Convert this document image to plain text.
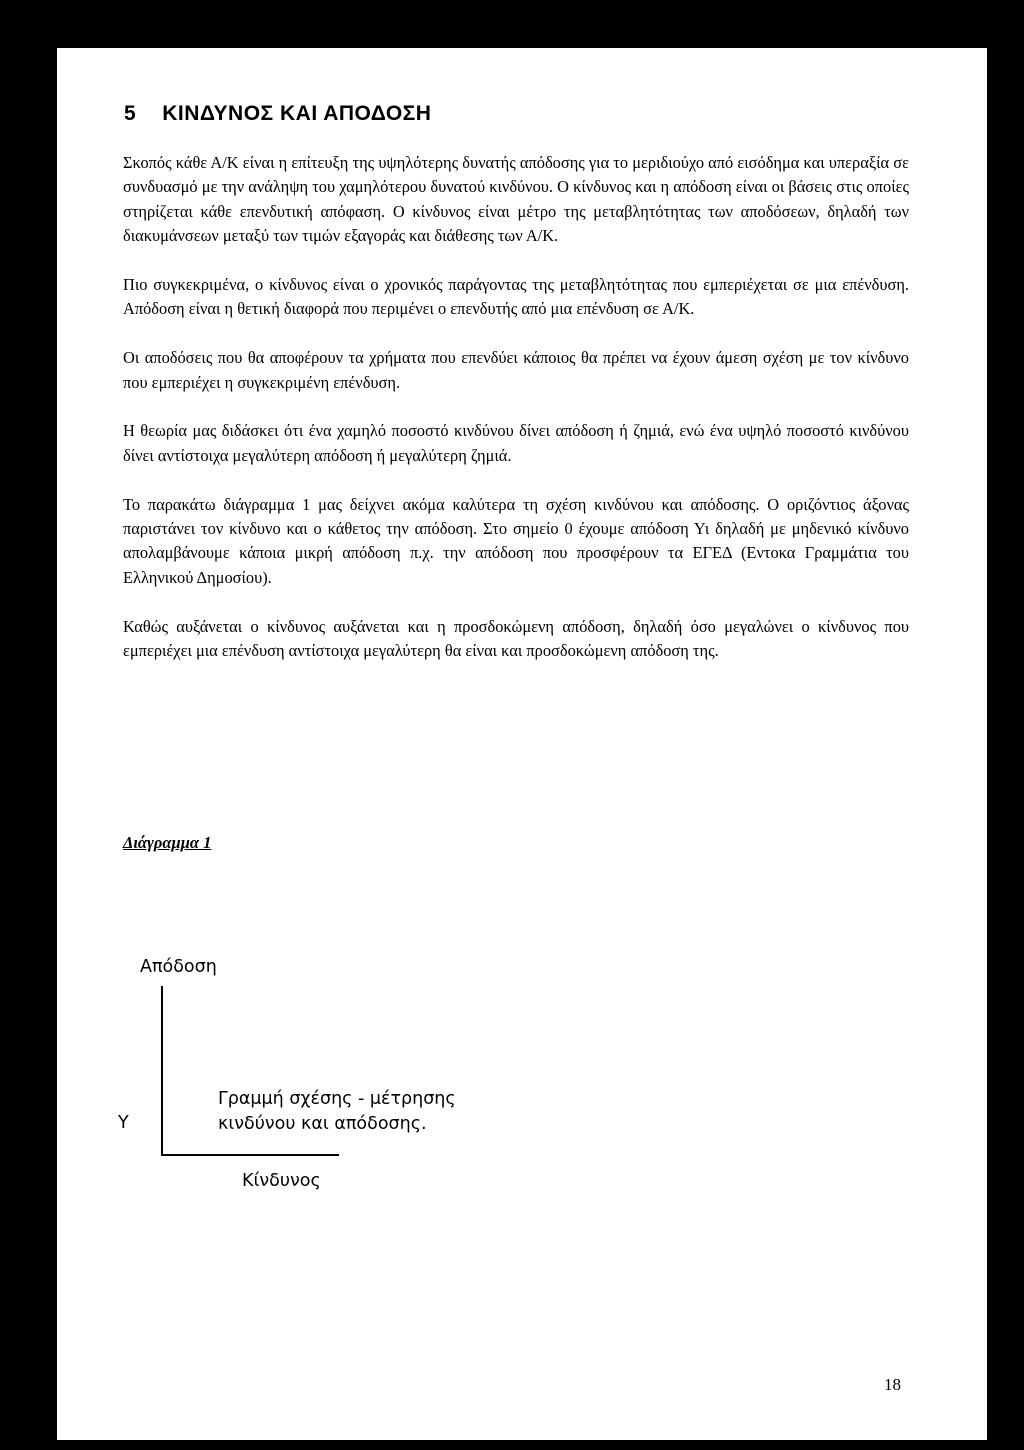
5 ΚΙΝΔΥΝΟΣ ΚΑΙ ΑΠΟΔΟΣΗ

Σκοπός κάθε Α/Κ είναι η επίτευξη της υψηλότερης δυνατής απόδοσης για το μεριδιούχο από εισόδημα και υπεραξία σε συνδυασμό με την ανάληψη του χαμηλότερου δυνατού κινδύνου. Ο κίνδυνος και η απόδοση είναι οι βάσεις στις οποίες στηρίζεται κάθε επενδυτική απόφαση. Ο κίνδυνος είναι μέτρο της μεταβλητότητας των αποδόσεων, δηλαδή των διακυμάνσεων μεταξύ των τιμών εξαγοράς και διάθεσης των Α/Κ.

Πιο συγκεκριμένα, ο κίνδυνος είναι ο χρονικός παράγοντας της μεταβλητότητας που εμπεριέχεται σε μια επένδυση. Απόδοση είναι η θετική διαφορά που περιμένει ο επενδυτής από μια επένδυση σε Α/Κ.

Οι αποδόσεις που θα αποφέρουν τα χρήματα που επενδύει κάποιος θα πρέπει να έχουν άμεση σχέση με τον κίνδυνο που εμπεριέχει η συγκεκριμένη επένδυση.

Η θεωρία μας διδάσκει ότι ένα χαμηλό ποσοστό κινδύνου δίνει απόδοση ή ζημιά, ενώ ένα υψηλό ποσοστό κινδύνου δίνει αντίστοιχα μεγαλύτερη απόδοση ή μεγαλύτερη ζημιά.

Το παρακάτω διάγραμμα 1 μας δείχνει ακόμα καλύτερα τη σχέση κινδύνου και απόδοσης. Ο οριζόντιος άξονας παριστάνει τον κίνδυνο και ο κάθετος την απόδοση. Στο σημείο 0 έχουμε απόδοση Υι δηλαδή με μηδενικό κίνδυνο απολαμβάνουμε κάποια μικρή απόδοση π.χ. την απόδοση που προσφέρουν τα ΕΓΕΔ (Εντοκα Γραμμάτια του Ελληνικού Δημοσίου).

Καθώς αυξάνεται ο κίνδυνος αυξάνεται και η προσδοκώμενη απόδοση, δηλαδή όσο μεγαλώνει ο κίνδυνος που εμπεριέχει μια επένδυση αντίστοιχα μεγαλύτερη θα είναι και προσδοκώμενη απόδοση της.

Διάγραμμα 1
Απόδοση
Y
Γραμμή σχέσης - μέτρησης
κινδύνου και απόδοσης.
Κίνδυνος
18
